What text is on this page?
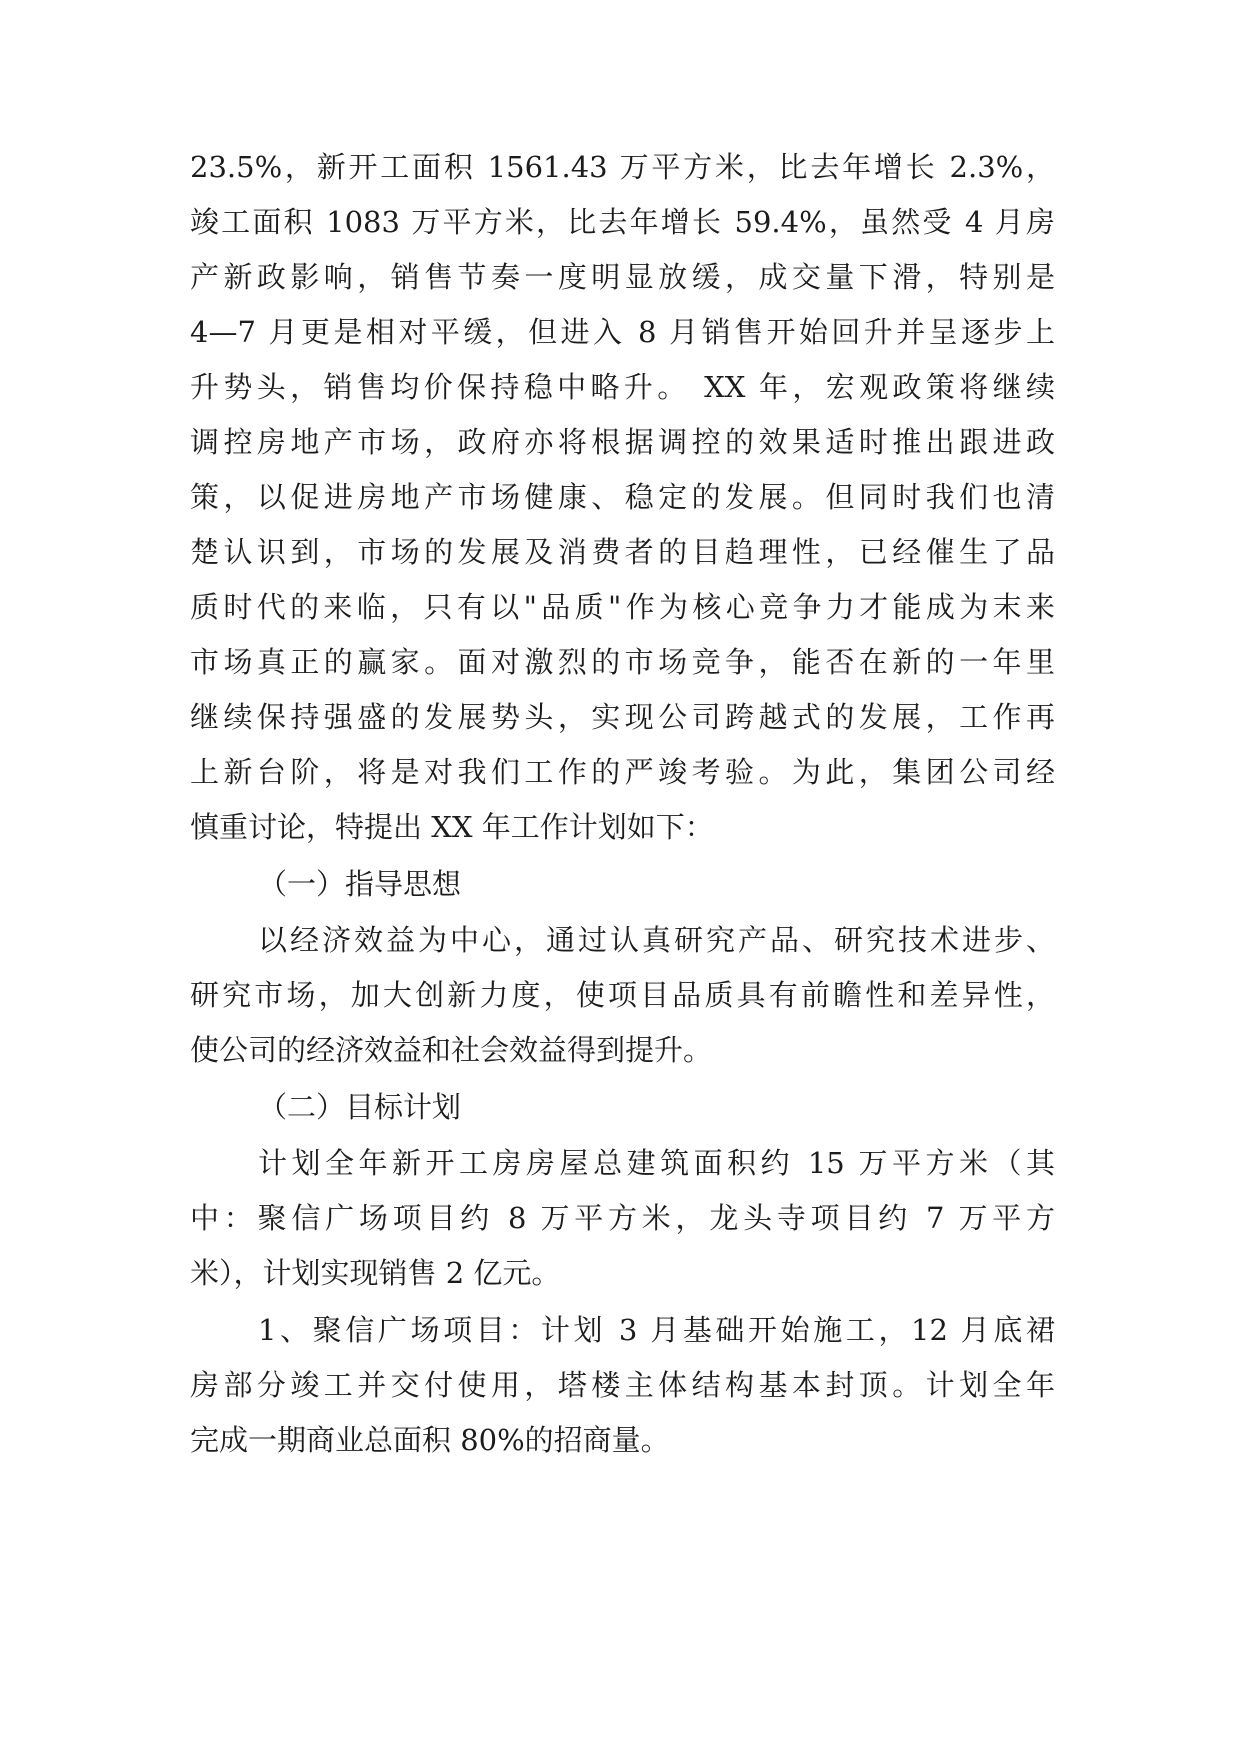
23.5%，新开工面积 1561.43 万平方米，比去年增长 2.3%，
竣工面积 1083 万平方米，比去年增长 59.4%，虽然受 4 月房
产新政影响，销售节奏一度明显放缓，成交量下滑，特别是
4—7 月更是相对平缓，但进入 8 月销售开始回升并呈逐步上
升势头，销售均价保持稳中略升。 XX 年，宏观政策将继续
调控房地产市场，政府亦将根据调控的效果适时推出跟进政
策，以促进房地产市场健康、稳定的发展。但同时我们也清
楚认识到，市场的发展及消费者的目趋理性，已经催生了品
质时代的来临，只有以"品质"作为核心竞争力才能成为末来
市场真正的赢家。面对激烈的市场竞争，能否在新的一年里
继续保持强盛的发展势头，实现公司跨越式的发展，工作再
上新台阶，将是对我们工作的严竣考验。为此，集团公司经
慎重讨论，特提出 XX 年工作计划如下：
（一）指导思想
以经济效益为中心，通过认真研究产品、研究技术进步、
研究市场，加大创新力度，使项目品质具有前瞻性和差异性，
使公司的经济效益和社会效益得到提升。
（二）目标计划
计划全年新开工房房屋总建筑面积约 15 万平方米（其
中：聚信广场项目约 8 万平方米，龙头寺项目约 7 万平方
米），计划实现销售 2 亿元。
1、聚信广场项目：计划 3 月基础开始施工，12 月底裙
房部分竣工并交付使用，塔楼主体结构基本封顶。计划全年
完成一期商业总面积 80%的招商量。
